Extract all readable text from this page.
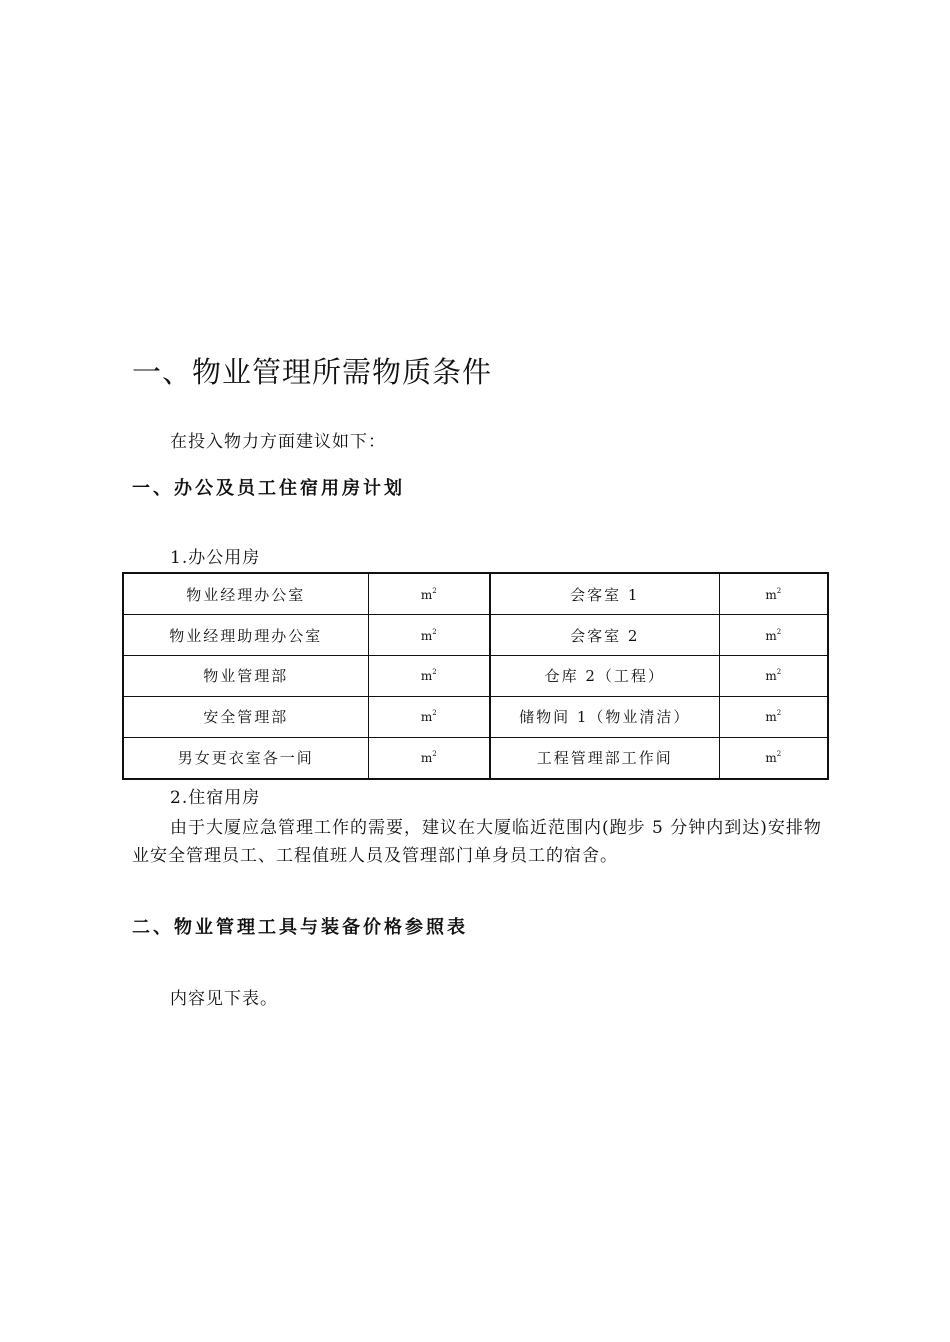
一、物业管理所需物质条件
在投入物力方面建议如下：
一、办公及员工住宿用房计划
1.办公用房
物业经理办公室	$m^2$	会客室 1	$m^2$
物业经理助理办公室	$m^2$	会客室 2	$m^2$
物业管理部	$m^2$	仓库 2（工程）	$m^2$
安全管理部	$m^2$	储物间 1（物业清洁）	$m^2$
男女更衣室各一间	$m^2$	工程管理部工作间	$m^2$
2.住宿用房
由于大厦应急管理工作的需要，建议在大厦临近范围内(跑步 5 分钟内到达)安排物业安全管理员工、工程值班人员及管理部门单身员工的宿舍。
二、物业管理工具与装备价格参照表
内容见下表。
